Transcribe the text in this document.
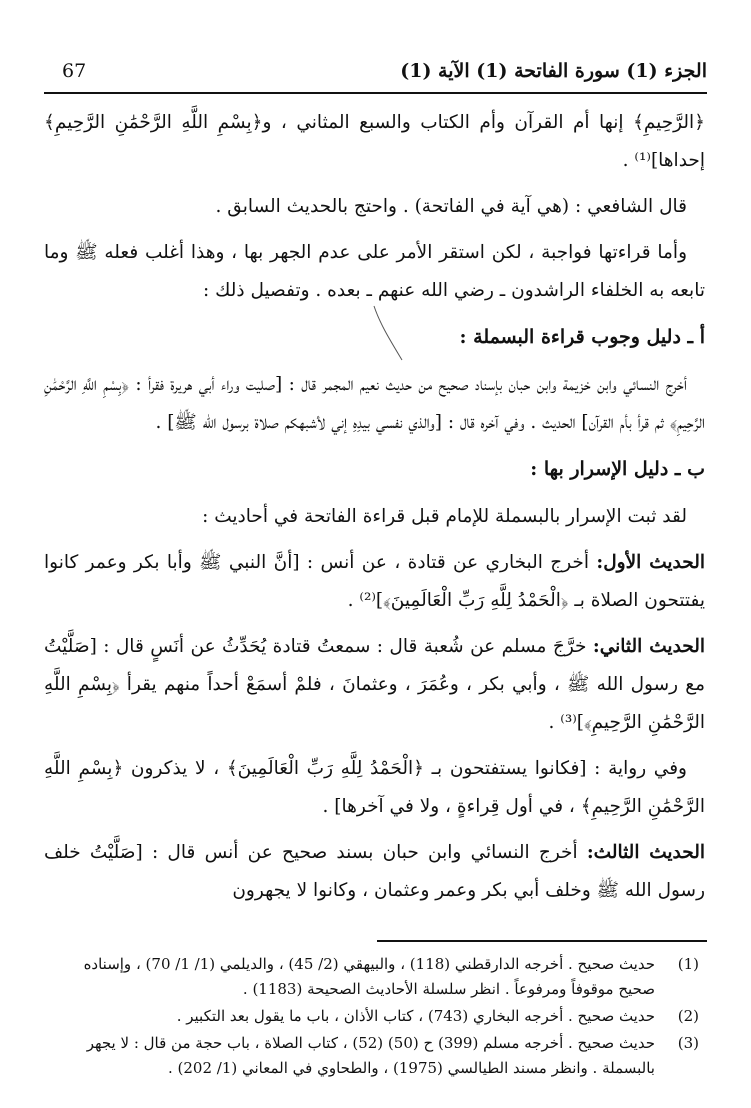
الجزء (1) سورة الفاتحة (1) الآية (1)
67

﴿الرَّحِيمِ﴾ إنها أم القرآن وأم الكتاب والسبع المثاني ، و﴿بِسْمِ اللَّهِ الرَّحْمَٰنِ الرَّحِيمِ﴾ إحداها]⁽¹⁾ .

قال الشافعي : (هي آية في الفاتحة) . واحتج بالحديث السابق .

وأما قراءتها فواجبة ، لكن استقر الأمر على عدم الجهر بها ، وهذا أغلب فعله ﷺ وما تابعه به الخلفاء الراشدون ـ رضي الله عنهم ـ بعده . وتفصيل ذلك :

أ ـ دليل وجوب قراءة البسملة :

أخرج النسائي وابن خزيمة وابن حبان بإسناد صحيح من حديث نعيم المجمر قال : [صليت وراء أبي هريرة فقرأ : ﴿بِسْمِ اللَّهِ الرَّحْمَٰنِ الرَّحِيمِ﴾ ثم قرأ بأم القرآن] الحديث . وفي آخره قال : [والذي نفسي بيدِهِ إني لأشبهكم صلاة برسول الله ﷺ] .

ب ـ دليل الإسرار بها :

لقد ثبت الإسرار بالبسملة للإمام قبل قراءة الفاتحة في أحاديث :

الحديث الأول: أخرج البخاري عن قتادة ، عن أنس : [أنَّ النبي ﷺ وأبا بكر وعمر كانوا يفتتحون الصلاة بـ ﴿الْحَمْدُ لِلَّهِ رَبِّ الْعَالَمِينَ﴾]⁽²⁾ .

الحديث الثاني: خرَّجَ مسلم عن شُعبة قال : سمعتُ قتادة يُحَدِّثُ عن أنَسٍ قال : [صَلَّيْتُ مع رسول الله ﷺ ، وأبي بكر ، وعُمَرَ ، وعثمانَ ، فلمْ أسمَعْ أحداً منهم يقرأ ﴿بِسْمِ اللَّهِ الرَّحْمَٰنِ الرَّحِيمِ﴾]⁽³⁾ .

وفي رواية : [فكانوا يستفتحون بـ ﴿الْحَمْدُ لِلَّهِ رَبِّ الْعَالَمِينَ﴾ ، لا يذكرون ﴿بِسْمِ اللَّهِ الرَّحْمَٰنِ الرَّحِيمِ﴾ ، في أول قِراءةٍ ، ولا في آخرها] .

الحديث الثالث: أخرج النسائي وابن حبان بسند صحيح عن أنس قال : [صَلَّيْتُ خلف رسول الله ﷺ وخلف أبي بكر وعمر وعثمان ، وكانوا لا يجهرون

(1)
حديث صحيح . أخرجه الدارقطني (118) ، والبيهقي (2/ 45) ، والديلمي (1/ 1/ 70) ، وإسناده صحيح موقوفاً ومرفوعاً . انظر سلسلة الأحاديث الصحيحة (1183) .
(2)
حديث صحيح . أخرجه البخاري (743) ، كتاب الأذان ، باب ما يقول بعد التكبير .
(3)
حديث صحيح . أخرجه مسلم (399) ح (50) (52) ، كتاب الصلاة ، باب حجة من قال : لا يجهر بالبسملة . وانظر مسند الطيالسي (1975) ، والطحاوي في المعاني (1/ 202) .
